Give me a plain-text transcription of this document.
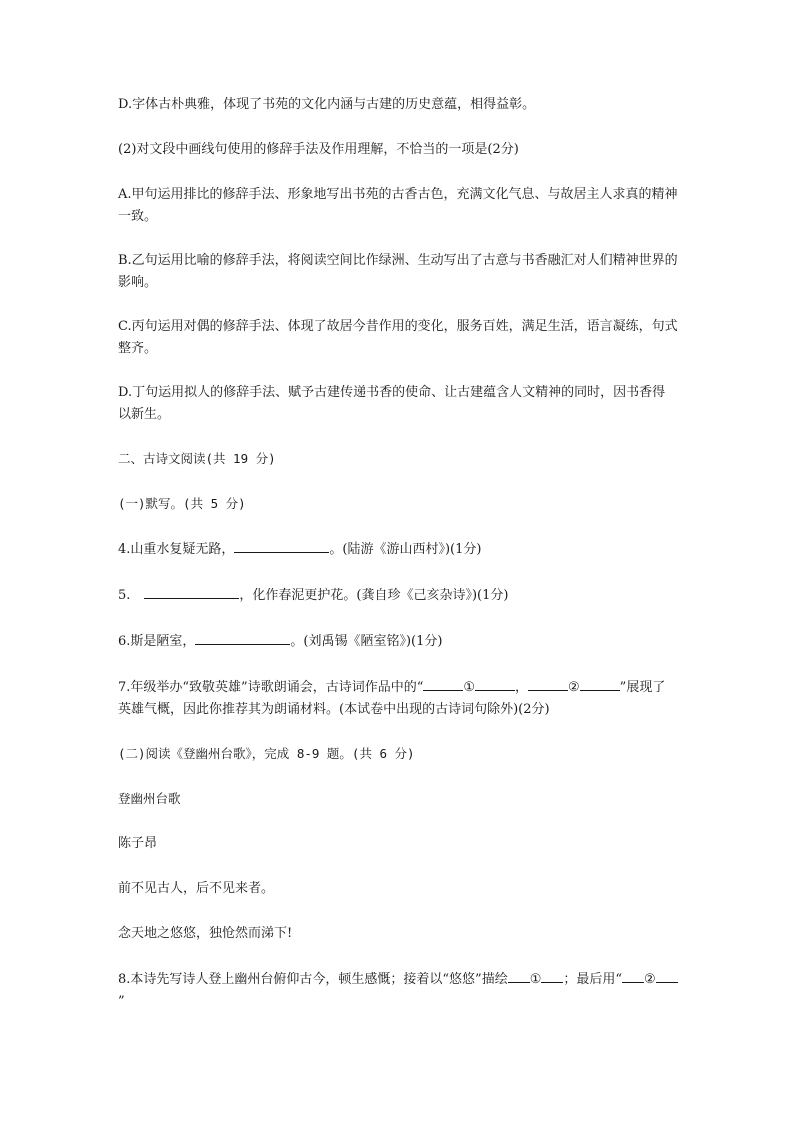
D.字体古朴典雅，体现了书苑的文化内涵与古建的历史意蕴，相得益彰。

(2)对文段中画线句使用的修辞手法及作用理解，不恰当的一项是(2分)

A.甲句运用排比的修辞手法、形象地写出书苑的古香古色，充满文化气息、与故居主人求真的精神一致。

B.乙句运用比喻的修辞手法，将阅读空间比作绿洲、生动写出了古意与书香融汇对人们精神世界的影响。

C.丙句运用对偶的修辞手法、体现了故居今昔作用的变化，服务百姓，满足生活，语言凝练，句式整齐。

D.丁句运用拟人的修辞手法、赋予古建传递书香的使命、让古建蕴含人文精神的同时，因书香得以新生。

二、古诗文阅读(共 19 分)

(一)默写。(共 5 分)

4.山重水复疑无路，	。(陆游《游山西村》)(1分)

5.	，化作春泥更护花。(龚自珍《己亥杂诗》)(1分)

6.斯是陋室，	。(刘禹锡《陋室铭》)(1分)

7.年级举办“致敬英雄”诗歌朗诵会，古诗词作品中的“	①	，	②	”展现了英雄气概，因此你推荐其为朗诵材料。(本试卷中出现的古诗词句除外)(2分)

(二)阅读《登幽州台歌》，完成 8-9 题。(共 6 分)

登幽州台歌

陈子昂

前不见古人，后不见来者。

念天地之悠悠，独怆然而涕下!

8.本诗先写诗人登上幽州台俯仰古今，顿生感慨；接着以“悠悠”描绘 ① ；最后用“ ②”
